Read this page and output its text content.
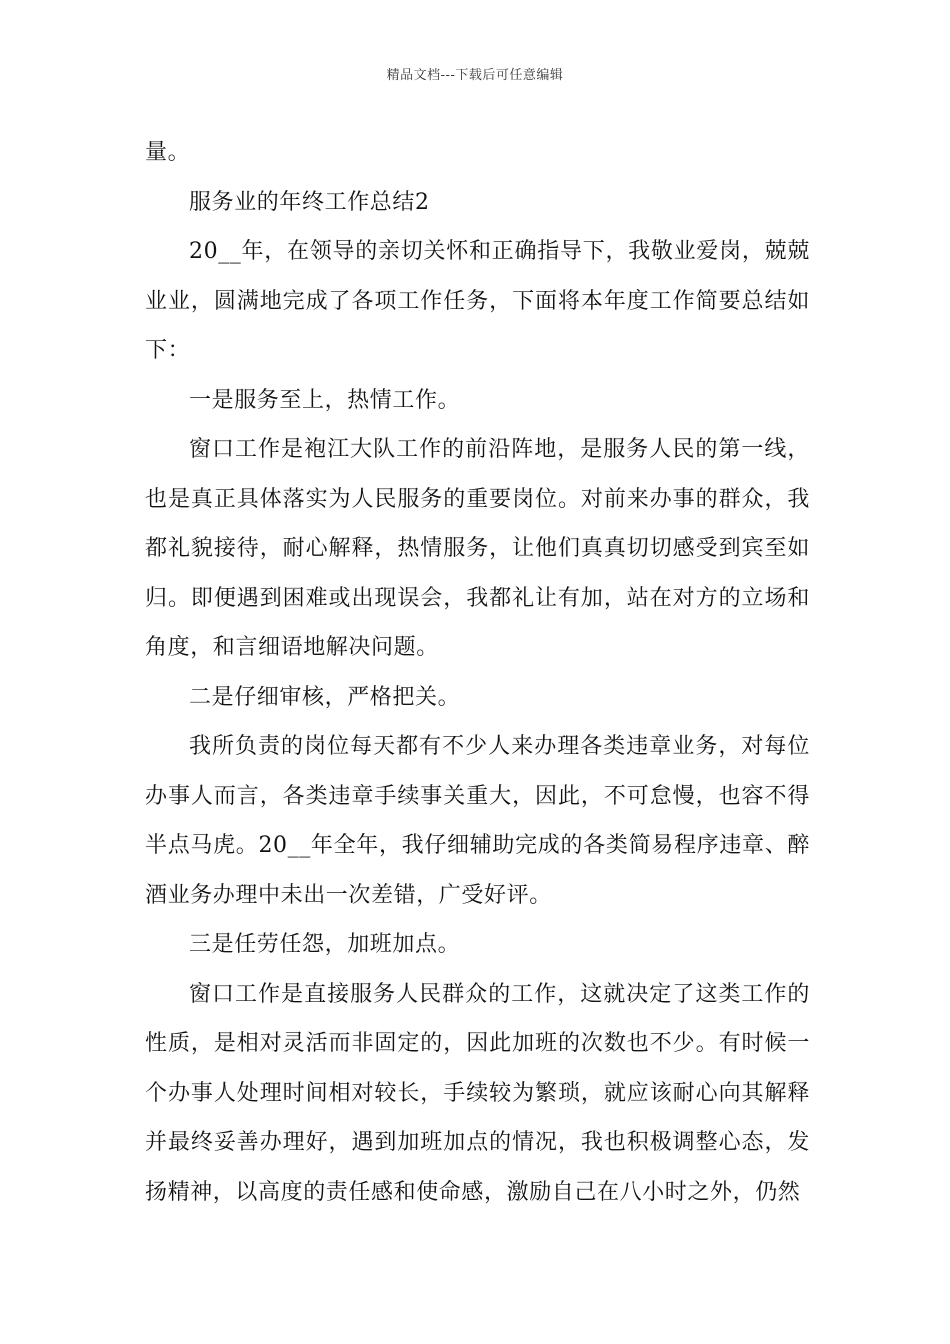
精品文档---下载后可任意编辑

量。

服务业的年终工作总结2

20__年，在领导的亲切关怀和正确指导下，我敬业爱岗，兢兢业业，圆满地完成了各项工作任务，下面将本年度工作简要总结如下：

一是服务至上，热情工作。

窗口工作是袍江大队工作的前沿阵地，是服务人民的第一线，也是真正具体落实为人民服务的重要岗位。对前来办事的群众，我都礼貌接待，耐心解释，热情服务，让他们真真切切感受到宾至如归。即便遇到困难或出现误会，我都礼让有加，站在对方的立场和角度，和言细语地解决问题。

二是仔细审核，严格把关。

我所负责的岗位每天都有不少人来办理各类违章业务，对每位办事人而言，各类违章手续事关重大，因此，不可怠慢，也容不得半点马虎。20__年全年，我仔细辅助完成的各类简易程序违章、醉酒业务办理中未出一次差错，广受好评。

三是任劳任怨，加班加点。

窗口工作是直接服务人民群众的工作，这就决定了这类工作的性质，是相对灵活而非固定的，因此加班的次数也不少。有时候一个办事人处理时间相对较长，手续较为繁琐，就应该耐心向其解释并最终妥善办理好，遇到加班加点的情况，我也积极调整心态，发扬精神，以高度的责任感和使命感，激励自己在八小时之外，仍然
